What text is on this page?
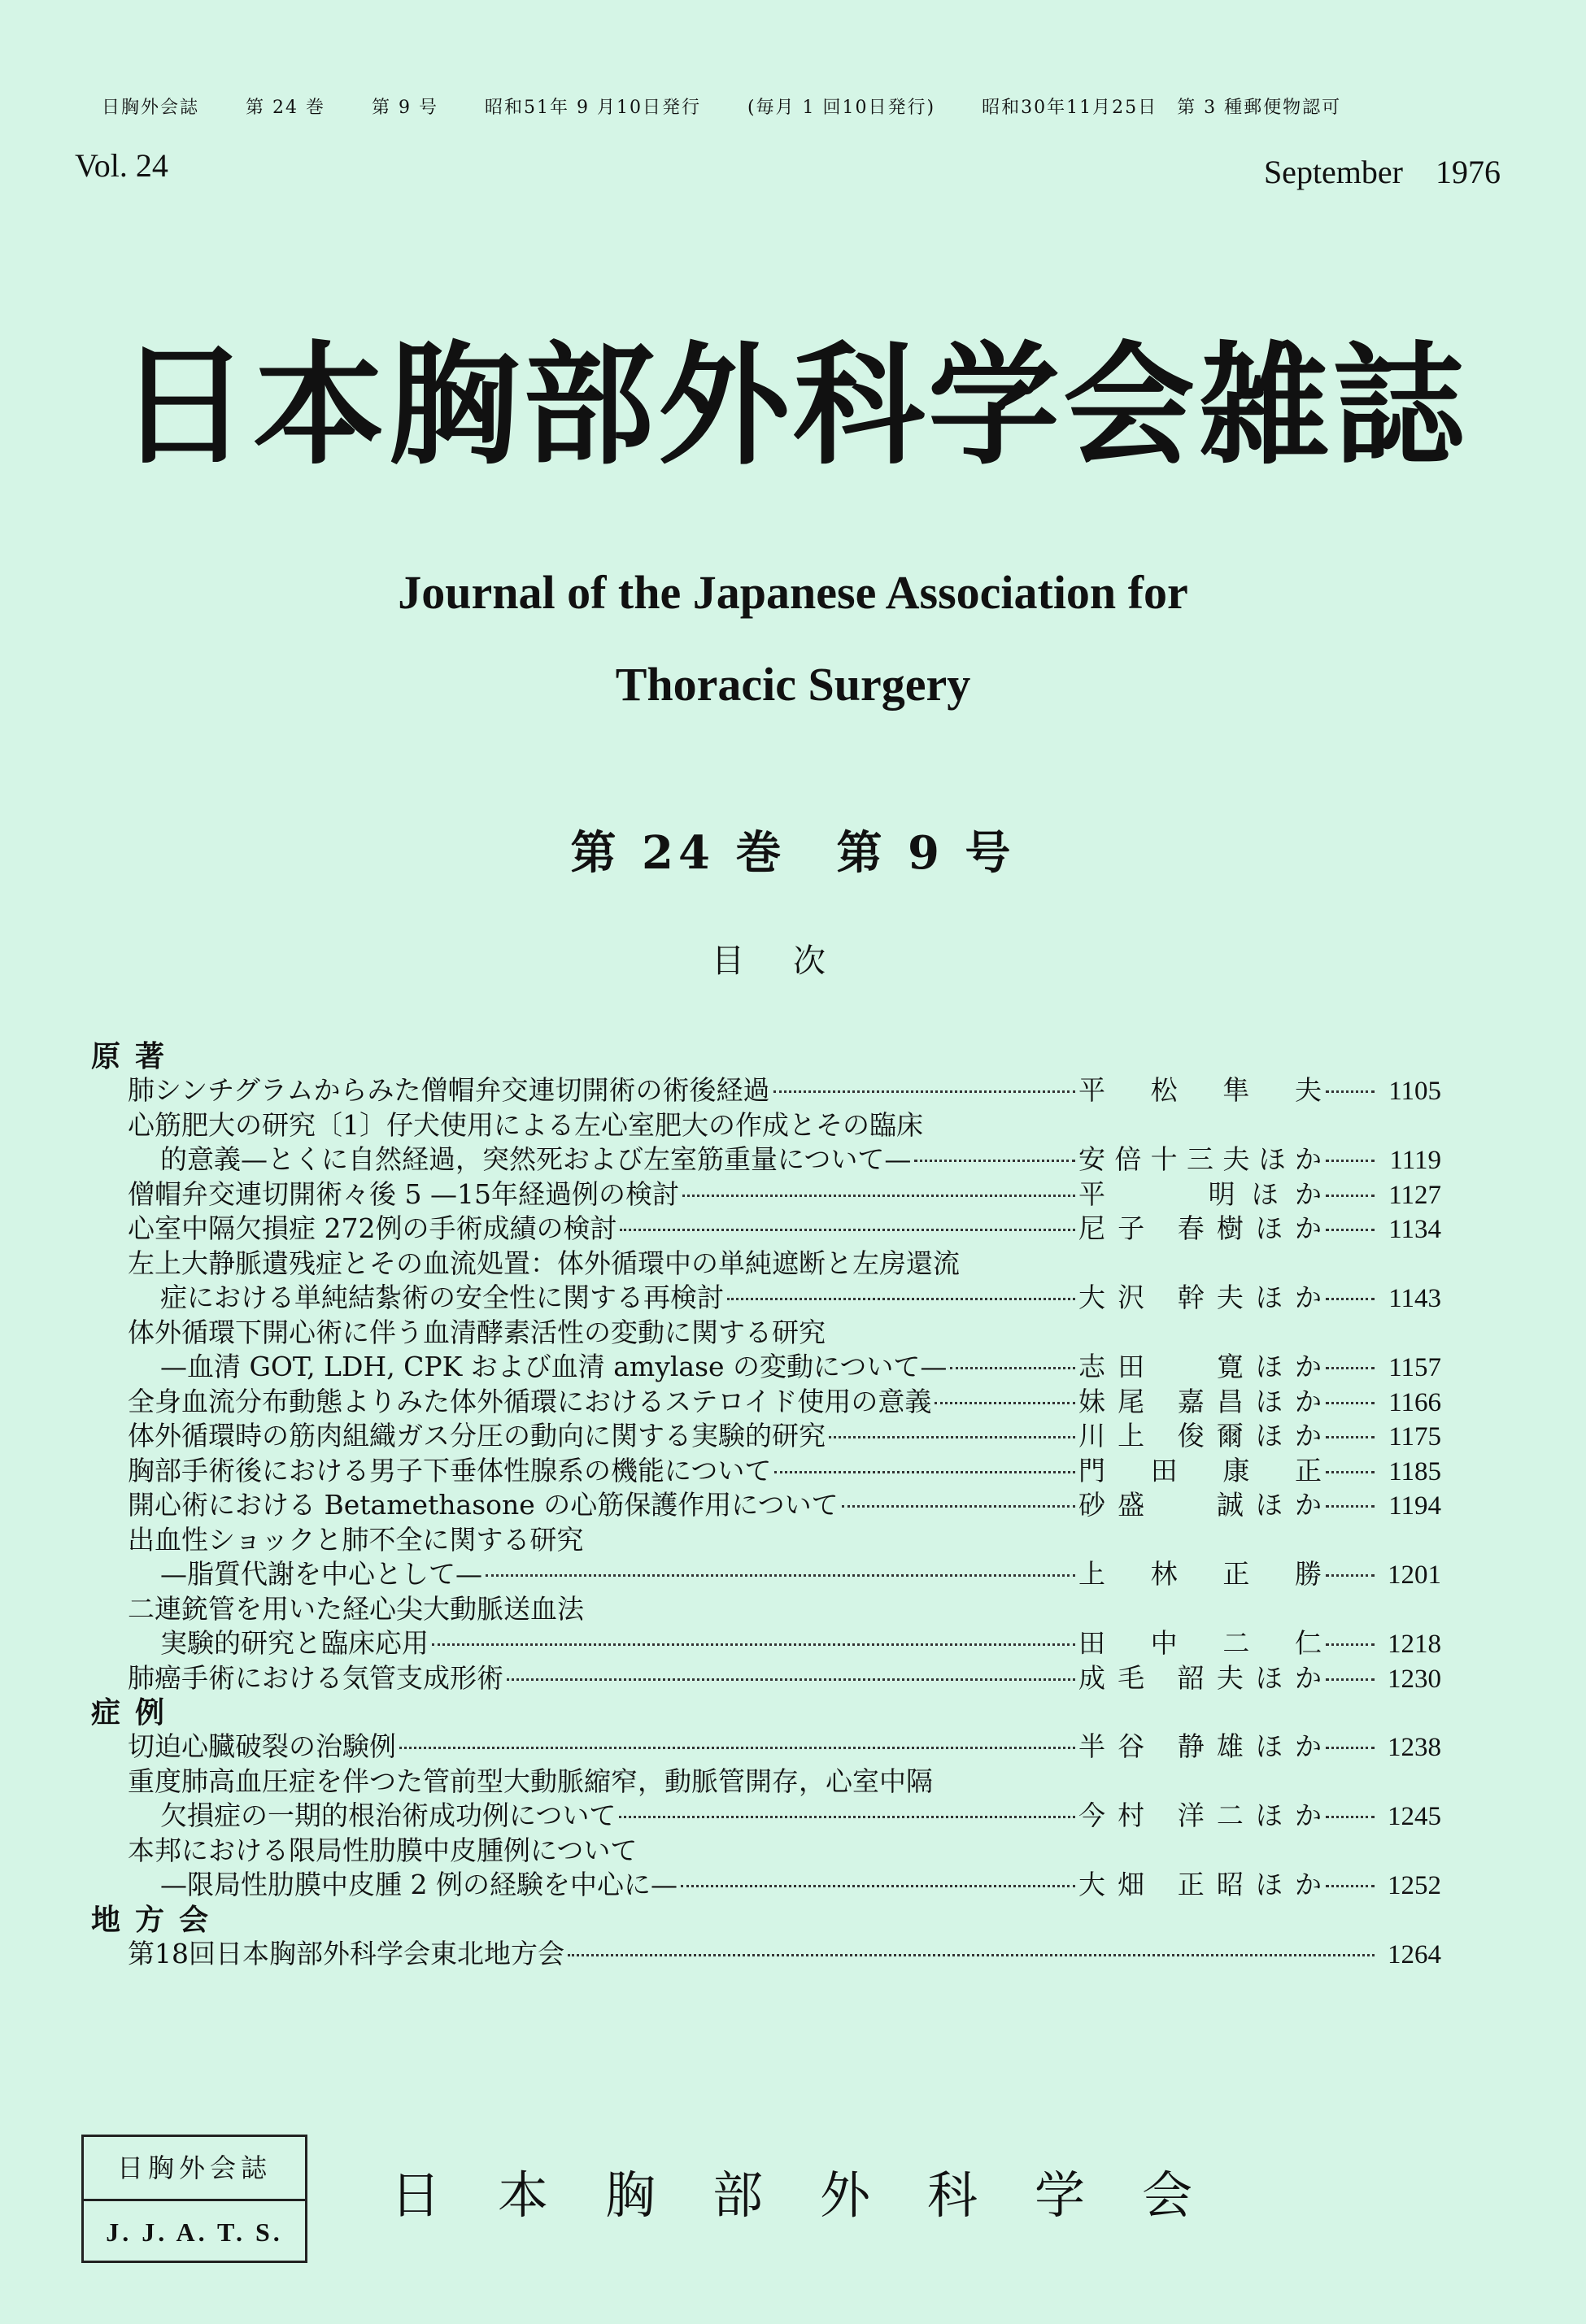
日胸外会誌	第 24 巻	第 9 号	昭和51年 9 月10日発行	(毎月 1 回10日発行)	昭和30年11月25日　第 3 種郵便物認可
Vol. 24	September　1976
日本胸部外科学会雑誌
Journal of the Japanese Association for
Thoracic Surgery
第 24 巻　第 9 号
目次
原著
肺シンチグラムからみた僧帽弁交連切開術の術後経過	平 松 隼 夫	1105
心筋肥大の研究〔1〕仔犬使用による左心室肥大の作成とその臨床
的意義—とくに自然経過，突然死および左室筋重量について—	安倍十三夫ほか	1119
僧帽弁交連切開術々後 5 —15年経過例の検討	平　　明ほか	1127
心室中隔欠損症 272例の手術成績の検討	尼子 春樹ほか	1134
左上大静脈遺残症とその血流処置：体外循環中の単純遮断と左房還流
症における単純結紮術の安全性に関する再検討	大沢 幹夫ほか	1143
体外循環下開心術に伴う血清酵素活性の変動に関する研究
—血清 GOT, LDH, CPK および血清 amylase の変動について—	志田　 寛ほか	1157
全身血流分布動態よりみた体外循環におけるステロイド使用の意義	妹尾 嘉昌ほか	1166
体外循環時の筋肉組織ガス分圧の動向に関する実験的研究	川上 俊爾ほか	1175
胸部手術後における男子下垂体性腺系の機能について	門 田 康 正	1185
開心術における Betamethasone の心筋保護作用について	砂盛　 誠ほか	1194
出血性ショックと肺不全に関する研究
—脂質代謝を中心として—	上 林 正 勝	1201
二連銃管を用いた経心尖大動脈送血法
実験的研究と臨床応用	田 中 二 仁	1218
肺癌手術における気管支成形術	成毛 韶夫ほか	1230
症例
切迫心臓破裂の治験例	半谷 静雄ほか	1238
重度肺高血圧症を伴つた管前型大動脈縮窄，動脈管開存，心室中隔
欠損症の一期的根治術成功例について	今村 洋二ほか	1245
本邦における限局性肋膜中皮腫例について
—限局性肋膜中皮腫 2 例の経験を中心に—	大畑 正昭ほか	1252
地方会
第18回日本胸部外科学会東北地方会	1264
日胸外会誌
J. J. A. T. S.
日本胸部外科学会
